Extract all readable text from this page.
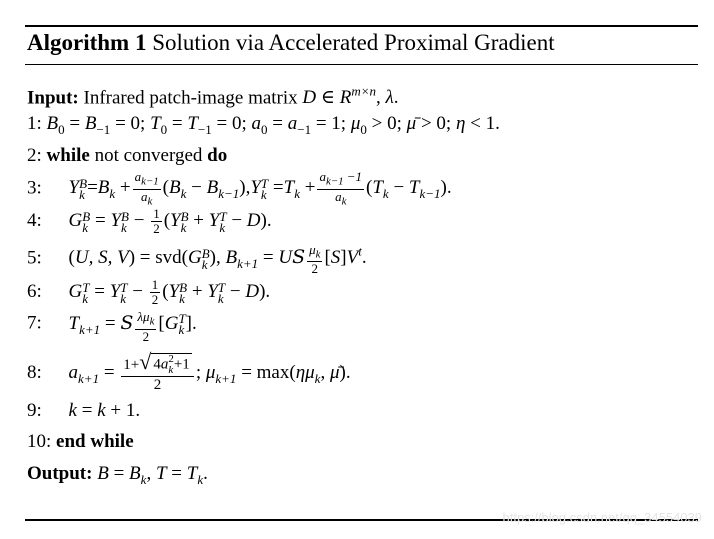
Algorithm 1 Solution via Accelerated Proximal Gradient
Input: Infrared patch-image matrix D ∈ $R^{m\times n}$, λ.
1: $B_0 = B_{-1} = 0$; $T_0 = T_{-1} = 0$; $a_0 = a_{-1} = 1$; $\mu_0 > 0$; μ̄ > 0; η < 1.
2: while not converged do
3: Y B
$k =B_k + \frac{a_{k-1}}{a_k} (B_k - B_{k-1}),Y$ T
$k =T_k + \frac{a_{k-1} -1}{a_k} (T_k - T_{k-1})$.
4: G B
k = Y B
$k - \frac{1}{2} (Y$ B
k + Y T
k − D).
5: (U, S, V) = svd(G B
k ), $B_{k+1}$ = US $\frac{\mu_k}{2} [S]V^t$.
6: G T
k = Y T
$k - \frac{1}{2} (Y$ B
k + Y T
k − D).
7: $T_{k+1} = S \frac{\lambda\mu_k}{2} [G$ T
k ].
8: $a_{k+1} = 1+√$ 4a 2
k +1
2 ; $\mu_{k+1} = \max(\eta\mu_k$, μ̄).
9: k = k + 1.
10: end while
Output: $B = B_k$, $T = T_k$.
https://blog.csdn.net/qq_34554039
